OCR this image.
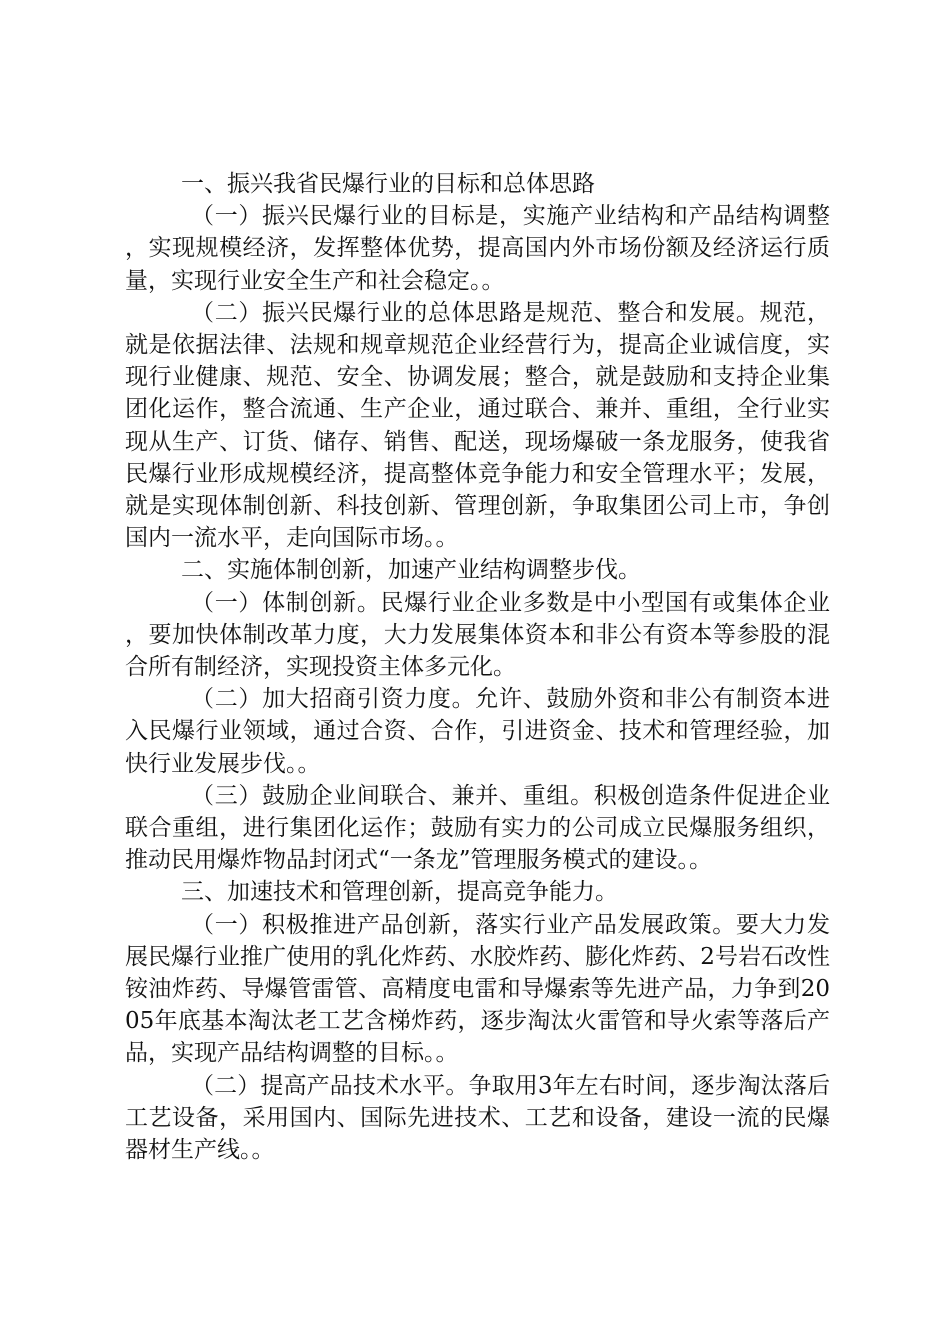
一、振兴我省民爆行业的目标和总体思路

（一）振兴民爆行业的目标是，实施产业结构和产品结构调整，实现规模经济，发挥整体优势，提高国内外市场份额及经济运行质量，实现行业安全生产和社会稳定。。

（二）振兴民爆行业的总体思路是规范、整合和发展。规范，就是依据法律、法规和规章规范企业经营行为，提高企业诚信度，实现行业健康、规范、安全、协调发展；整合，就是鼓励和支持企业集团化运作，整合流通、生产企业，通过联合、兼并、重组，全行业实现从生产、订货、储存、销售、配送，现场爆破一条龙服务，使我省民爆行业形成规模经济，提高整体竞争能力和安全管理水平；发展，就是实现体制创新、科技创新、管理创新，争取集团公司上市，争创国内一流水平，走向国际市场。。

二、实施体制创新，加速产业结构调整步伐。

（一）体制创新。民爆行业企业多数是中小型国有或集体企业，要加快体制改革力度，大力发展集体资本和非公有资本等参股的混合所有制经济，实现投资主体多元化。

（二）加大招商引资力度。允许、鼓励外资和非公有制资本进入民爆行业领域，通过合资、合作，引进资金、技术和管理经验，加快行业发展步伐。。

（三）鼓励企业间联合、兼并、重组。积极创造条件促进企业联合重组，进行集团化运作；鼓励有实力的公司成立民爆服务组织，推动民用爆炸物品封闭式“一条龙”管理服务模式的建设。。

三、加速技术和管理创新，提高竞争能力。

（一）积极推进产品创新，落实行业产品发展政策。要大力发展民爆行业推广使用的乳化炸药、水胶炸药、膨化炸药、2号岩石改性铵油炸药、导爆管雷管、高精度电雷和导爆索等先进产品，力争到2005年底基本淘汰老工艺含梯炸药，逐步淘汰火雷管和导火索等落后产品，实现产品结构调整的目标。。

（二）提高产品技术水平。争取用3年左右时间，逐步淘汰落后工艺设备，采用国内、国际先进技术、工艺和设备，建设一流的民爆器材生产线。。
